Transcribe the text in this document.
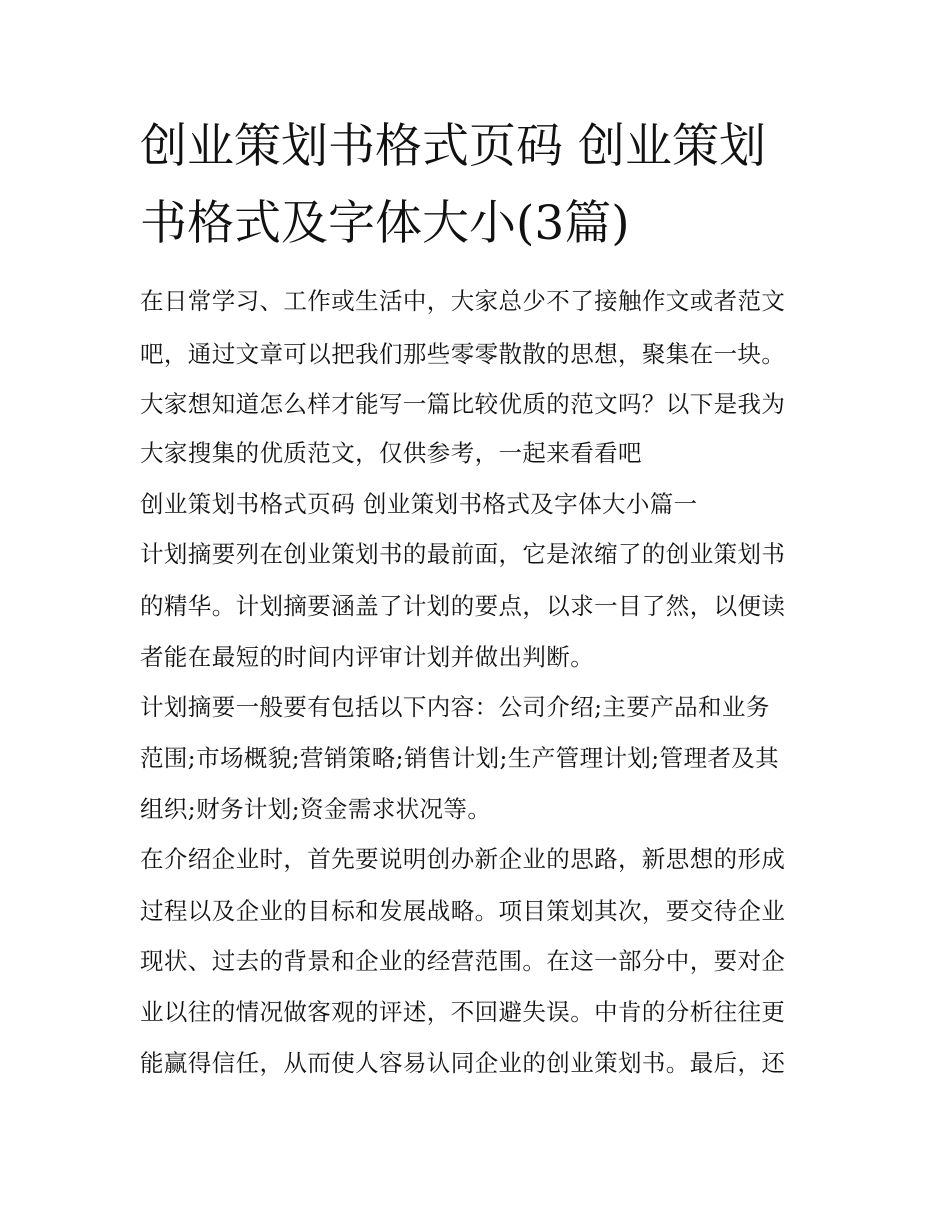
创业策划书格式页码 创业策划
书格式及字体大小(3篇)
在日常学习、工作或生活中，大家总少不了接触作文或者范文
吧，通过文章可以把我们那些零零散散的思想，聚集在一块。
大家想知道怎么样才能写一篇比较优质的范文吗？以下是我为
大家搜集的优质范文，仅供参考，一起来看看吧
创业策划书格式页码 创业策划书格式及字体大小篇一
计划摘要列在创业策划书的最前面，它是浓缩了的创业策划书
的精华。计划摘要涵盖了计划的要点，以求一目了然，以便读
者能在最短的时间内评审计划并做出判断。
计划摘要一般要有包括以下内容：公司介绍;主要产品和业务
范围;市场概貌;营销策略;销售计划;生产管理计划;管理者及其
组织;财务计划;资金需求状况等。
在介绍企业时，首先要说明创办新企业的思路，新思想的形成
过程以及企业的目标和发展战略。项目策划其次，要交待企业
现状、过去的背景和企业的经营范围。在这一部分中，要对企
业以往的情况做客观的评述，不回避失误。中肯的分析往往更
能赢得信任，从而使人容易认同企业的创业策划书。最后，还
